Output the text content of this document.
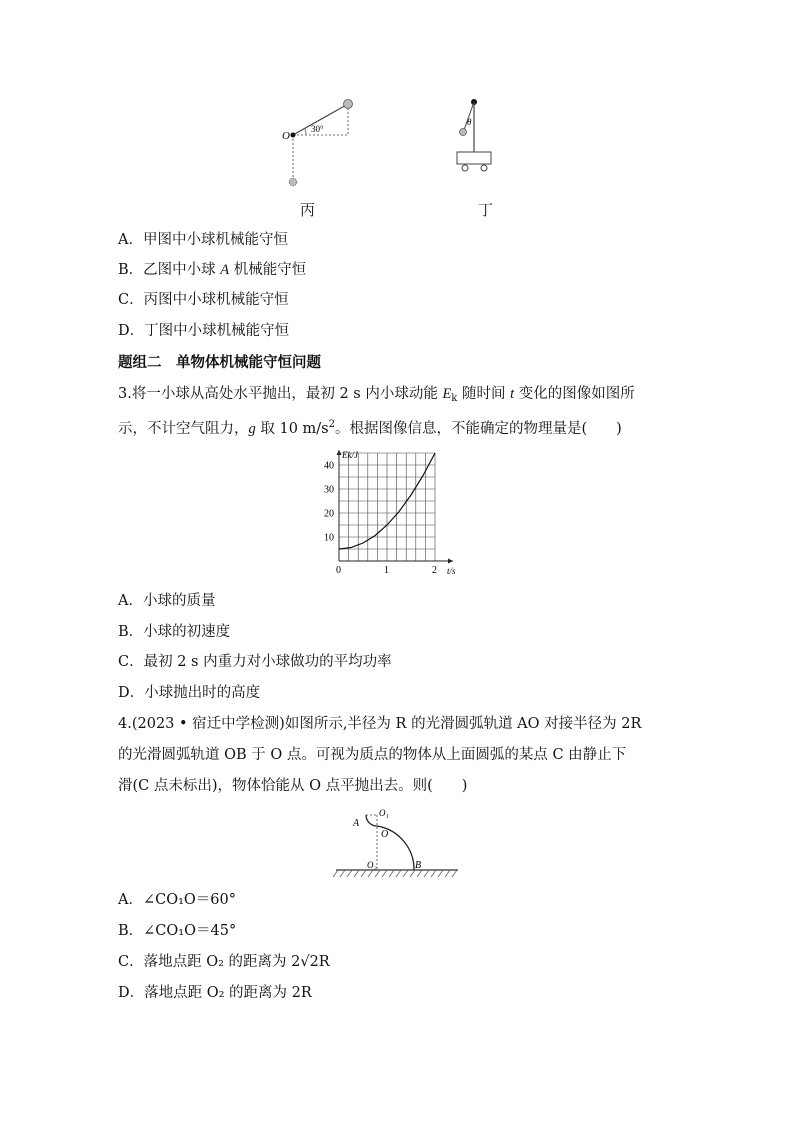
O
30°
θ
丙	丁
A．甲图中小球机械能守恒
B．乙图中小球 A 机械能守恒
C．丙图中小球机械能守恒
D．丁图中小球机械能守恒
题组二　单物体机械能守恒问题
3.将一小球从高处水平抛出，最初 2 s 内小球动能 $E_k$ 随时间 t 变化的图像如图所
示，不计空气阻力，g 取 10 $m/s^2$。根据图像信息，不能确定的物理量是(　　)
0	1	2
10
20
30
40
Ek/J
t/s
A．小球的质量
B．小球的初速度
C．最初 2 s 内重力对小球做功的平均功率
D．小球抛出时的高度
4.(2023 • 宿迁中学检测)如图所示,半径为 R 的光滑圆弧轨道 AO 对接半径为 2R
的光滑圆弧轨道 OB 于 O 点。可视为质点的物体从上面圆弧的某点 C 由静止下
滑(C 点未标出)，物体恰能从 O 点平抛出去。则(　　)
A
O₁
O
O₂	B
A．∠CO₁O＝60°
B．∠CO₁O＝45°
C．落地点距 O₂ 的距离为 2√2R
D．落地点距 O₂ 的距离为 2R
